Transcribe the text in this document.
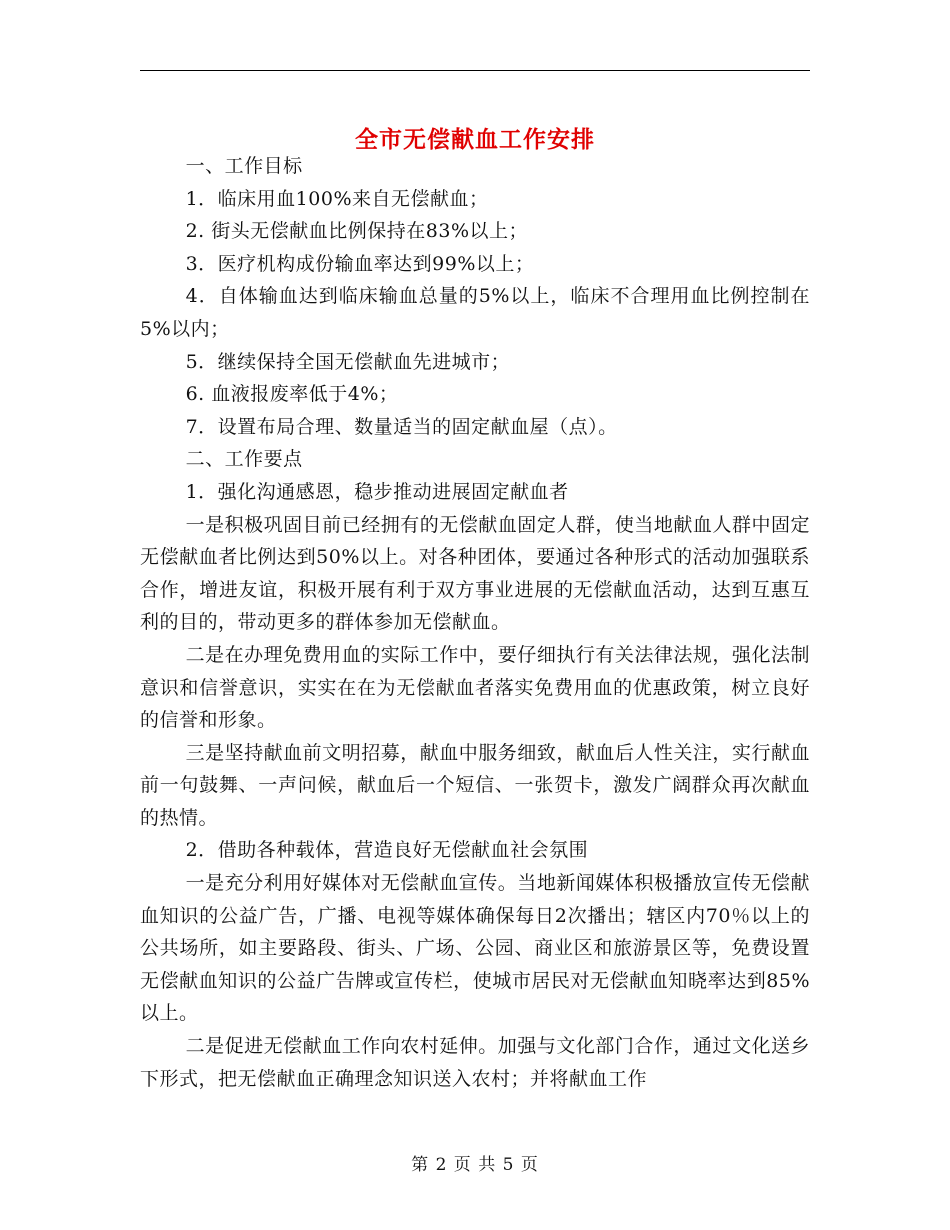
全市无偿献血工作安排

一、工作目标

1．临床用血100%来自无偿献血；

2. 街头无偿献血比例保持在83%以上；

3．医疗机构成份输血率达到99%以上；

4．自体输血达到临床输血总量的5%以上，临床不合理用血比例控制在5%以内；

5．继续保持全国无偿献血先进城市；

6. 血液报废率低于4%；

7．设置布局合理、数量适当的固定献血屋（点）。

二、工作要点

1．强化沟通感恩，稳步推动进展固定献血者

一是积极巩固目前已经拥有的无偿献血固定人群，使当地献血人群中固定无偿献血者比例达到50%以上。对各种团体，要通过各种形式的活动加强联系合作，增进友谊，积极开展有利于双方事业进展的无偿献血活动，达到互惠互利的目的，带动更多的群体参加无偿献血。

二是在办理免费用血的实际工作中，要仔细执行有关法律法规，强化法制意识和信誉意识，实实在在为无偿献血者落实免费用血的优惠政策，树立良好的信誉和形象。

三是坚持献血前文明招募，献血中服务细致，献血后人性关注，实行献血前一句鼓舞、一声问候，献血后一个短信、一张贺卡，激发广阔群众再次献血的热情。

2．借助各种载体，营造良好无偿献血社会氛围

一是充分利用好媒体对无偿献血宣传。当地新闻媒体积极播放宣传无偿献血知识的公益广告，广播、电视等媒体确保每日2次播出；辖区内70％以上的公共场所，如主要路段、街头、广场、公园、商业区和旅游景区等，免费设置无偿献血知识的公益广告牌或宣传栏，使城市居民对无偿献血知晓率达到85%以上。

二是促进无偿献血工作向农村延伸。加强与文化部门合作，通过文化送乡下形式，把无偿献血正确理念知识送入农村；并将献血工作

第 2 页 共 5 页
